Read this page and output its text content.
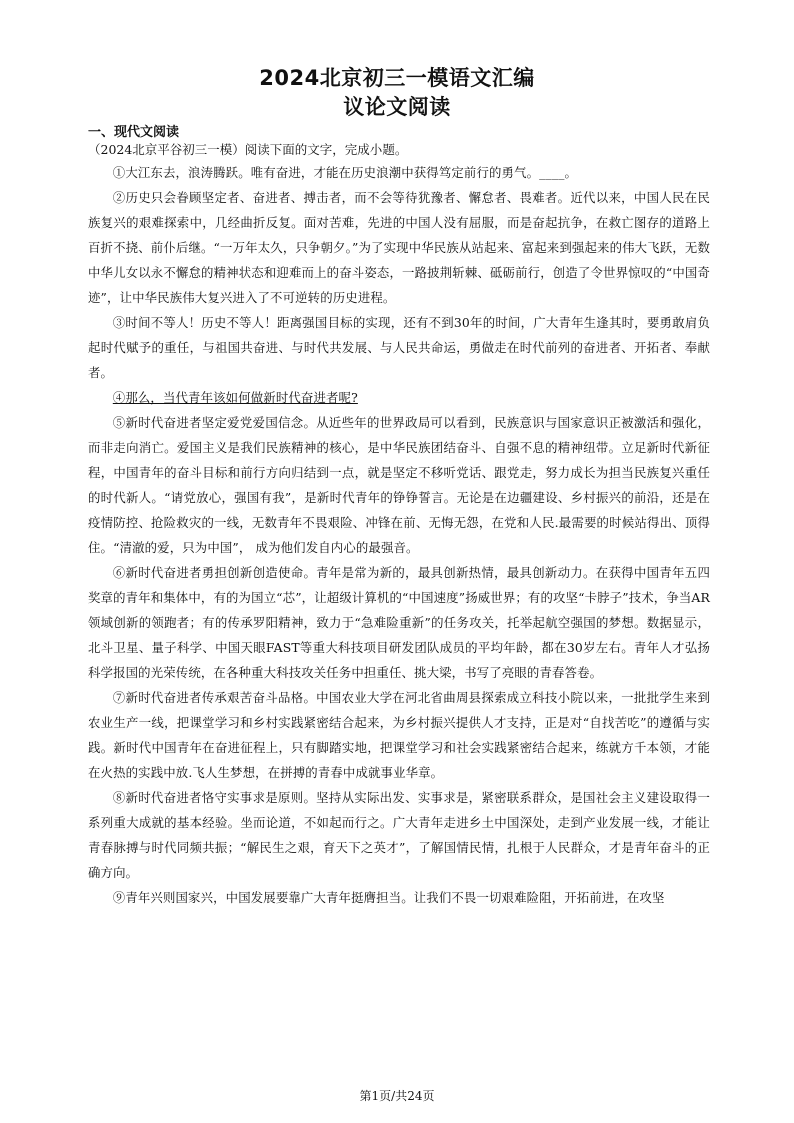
2024北京初三一模语文汇编
议论文阅读
一、现代文阅读
（2024北京平谷初三一模）阅读下面的文字，完成小题。

①大江东去，浪涛腾跃。唯有奋进，才能在历史浪潮中获得笃定前行的勇气。____。

②历史只会眷顾坚定者、奋进者、搏击者，而不会等待犹豫者、懈怠者、畏难者。近代以来，中国人民在民族复兴的艰难探索中，几经曲折反复。面对苦难，先进的中国人没有屈服，而是奋起抗争，在救亡图存的道路上百折不挠、前仆后继。“一万年太久，只争朝夕。”为了实现中华民族从站起来、富起来到强起来的伟大飞跃，无数中华儿女以永不懈怠的精神状态和迎难而上的奋斗姿态，一路披荆斩棘、砥砺前行，创造了令世界惊叹的“中国奇迹”，让中华民族伟大复兴进入了不可逆转的历史进程。

③时间不等人！历史不等人！距离强国目标的实现，还有不到30年的时间，广大青年生逢其时，要勇敢肩负起时代赋予的重任，与祖国共奋进、与时代共发展、与人民共命运，勇做走在时代前列的奋进者、开拓者、奉献者。

④那么，当代青年该如何做新时代奋进者呢?

⑤新时代奋进者坚定爱党爱国信念。从近些年的世界政局可以看到，民族意识与国家意识正被激活和强化，而非走向消亡。爱国主义是我们民族精神的核心，是中华民族团结奋斗、自强不息的精神纽带。立足新时代新征程，中国青年的奋斗目标和前行方向归结到一点，就是坚定不移听党话、跟党走，努力成长为担当民族复兴重任的时代新人。“请党放心，强国有我”，是新时代青年的铮铮誓言。无论是在边疆建设、乡村振兴的前沿，还是在疫情防控、抢险救灾的一线，无数青年不畏艰险、冲锋在前、无悔无怨，在党和人民.最需要的时候站得出、顶得住。“清澈的爱，只为中国”， 成为他们发自内心的最强音。

⑥新时代奋进者勇担创新创造使命。青年是常为新的，最具创新热情，最具创新动力。在获得中国青年五四奖章的青年和集体中，有的为国立“芯”，让超级计算机的“中国速度”扬威世界；有的攻坚“卡脖子”技术，争当AR领域创新的领跑者；有的传承罗阳精神，致力于“急难险重新”的任务攻关，托举起航空强国的梦想。数据显示，北斗卫星、量子科学、中国天眼FAST等重大科技项目研发团队成员的平均年龄，都在30岁左右。青年人才弘扬科学报国的光荣传统，在各种重大科技攻关任务中担重任、挑大梁，书写了亮眼的青春答卷。

⑦新时代奋进者传承艰苦奋斗品格。中国农业大学在河北省曲周县探索成立科技小院以来，一批批学生来到农业生产一线，把课堂学习和乡村实践紧密结合起来，为乡村振兴提供人才支持，正是对“自找苦吃”的遵循与实践。新时代中国青年在奋进征程上，只有脚踏实地，把课堂学习和社会实践紧密结合起来，练就方千本领，才能在火热的实践中放.飞人生梦想，在拼搏的青春中成就事业华章。

⑧新时代奋进者恪守实事求是原则。坚持从实际出发、实事求是，紧密联系群众，是国社会主义建设取得一系列重大成就的基本经验。坐而论道，不如起而行之。广大青年走进乡土中国深处，走到产业发展一线，才能让青春脉搏与时代同频共振；“解民生之艰，育天下之英才”，了解国情民情，扎根于人民群众，才是青年奋斗的正确方向。

⑨青年兴则国家兴，中国发展要靠广大青年挺膺担当。让我们不畏一切艰难险阻，开拓前进，在攻坚

第1页/共24页
